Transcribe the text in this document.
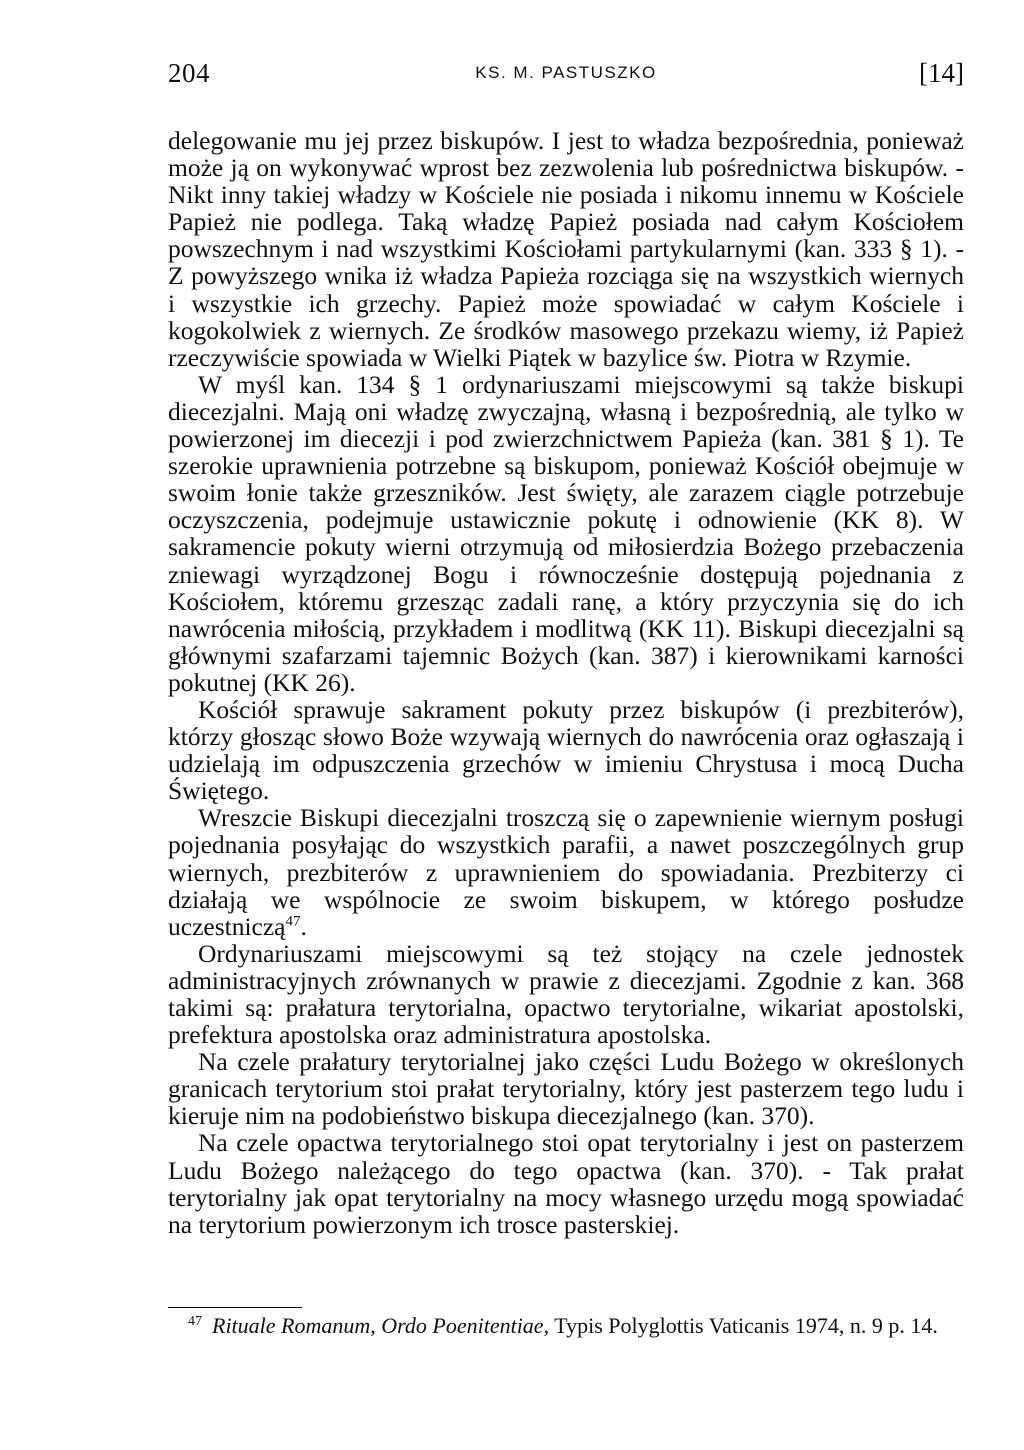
204	KS. M. PASTUSZKO	[14]

delegowanie mu jej przez biskupów. I jest to władza bezpośrednia, ponieważ może ją on wykonywać wprost bez zezwolenia lub pośrednictwa biskupów. - Nikt inny takiej władzy w Kościele nie posiada i nikomu innemu w Kościele Papież nie podlega. Taką władzę Papież posiada nad całym Kościołem powszechnym i nad wszystkimi Kościołami partykularnymi (kan. 333 § 1). - Z powyższego wnika iż władza Papieża rozciąga się na wszystkich wiernych i wszystkie ich grzechy. Papież może spowiadać w całym Kościele i kogokolwiek z wiernych. Ze środków masowego przekazu wiemy, iż Papież rzeczywiście spowiada w Wielki Piątek w bazylice św. Piotra w Rzymie.

W myśl kan. 134 § 1 ordynariuszami miejscowymi są także biskupi diecezjalni. Mają oni władzę zwyczajną, własną i bezpośrednią, ale tylko w powierzonej im diecezji i pod zwierzchnictwem Papieża (kan. 381 § 1). Te szerokie uprawnienia potrzebne są biskupom, ponieważ Kościół obejmuje w swoim łonie także grzeszników. Jest święty, ale zarazem ciągle potrzebuje oczyszczenia, podejmuje ustawicznie pokutę i odnowienie (KK 8). W sakramencie pokuty wierni otrzymują od miłosierdzia Bożego przebaczenia zniewagi wyrządzonej Bogu i równocześnie dostępują pojednania z Kościołem, któremu grzesząc zadali ranę, a który przyczynia się do ich nawrócenia miłością, przykładem i modlitwą (KK 11). Biskupi diecezjalni są głównymi szafarzami tajemnic Bożych (kan. 387) i kierownikami karności pokutnej (KK 26).

Kościół sprawuje sakrament pokuty przez biskupów (i prezbiterów), którzy głosząc słowo Boże wzywają wiernych do nawrócenia oraz ogłaszają i udzielają im odpuszczenia grzechów w imieniu Chrystusa i mocą Ducha Świętego.

Wreszcie Biskupi diecezjalni troszczą się o zapewnienie wiernym posługi pojednania posyłając do wszystkich parafii, a nawet poszczególnych grup wiernych, prezbiterów z uprawnieniem do spowiadania. Prezbiterzy ci działają we wspólnocie ze swoim biskupem, w którego posłudze uczestniczą$^{47}$.

Ordynariuszami miejscowymi są też stojący na czele jednostek administracyjnych zrównanych w prawie z diecezjami. Zgodnie z kan. 368 takimi są: prałatura terytorialna, opactwo terytorialne, wikariat apostolski, prefektura apostolska oraz administratura apostolska.

Na czele prałatury terytorialnej jako części Ludu Bożego w określonych granicach terytorium stoi prałat terytorialny, który jest pasterzem tego ludu i kieruje nim na podobieństwo biskupa diecezjalnego (kan. 370).

Na czele opactwa terytorialnego stoi opat terytorialny i jest on pasterzem Ludu Bożego należącego do tego opactwa (kan. 370). - Tak prałat terytorialny jak opat terytorialny na mocy własnego urzędu mogą spowiadać na terytorium powierzonym ich trosce pasterskiej.

$^{47}$ Rituale Romanum, Ordo Poenitentiae, Typis Polyglottis Vaticanis 1974, n. 9 p. 14.
